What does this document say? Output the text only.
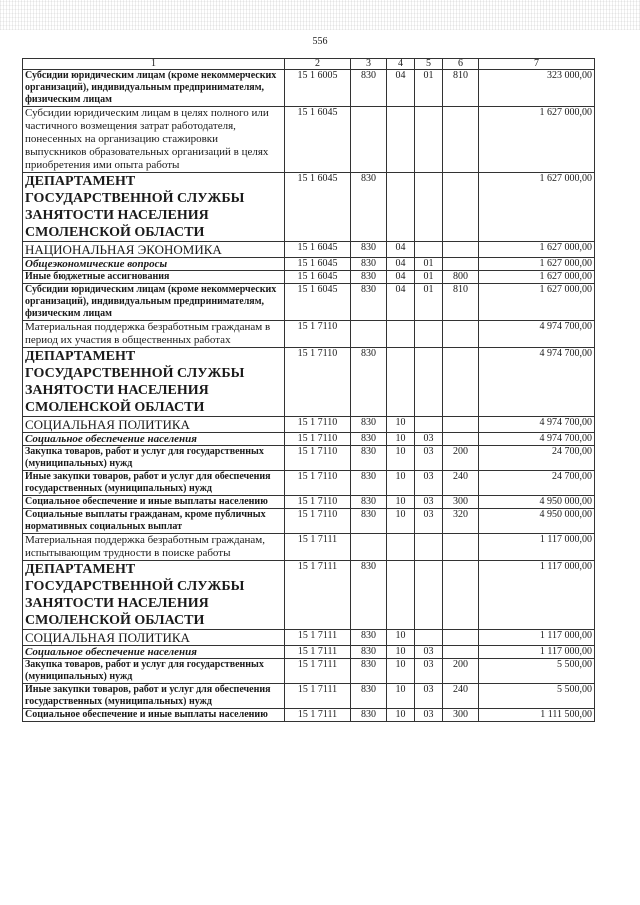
556
1	2	3	4	5	6	7
Субсидии юридическим лицам (кроме некоммерческих организаций), индивидуальным предпринимателям, физическим лицам	15 1 6005	830	04	01	810	323 000,00
Субсидии юридическим лицам в целях полного или частичного возмещения затрат работодателя, понесенных на организацию стажировки выпускников образовательных организаций в целях приобретения ими опыта работы	15 1 6045					1 627 000,00
ДЕПАРТАМЕНТ ГОСУДАРСТВЕННОЙ СЛУЖБЫ ЗАНЯТОСТИ НАСЕЛЕНИЯ СМОЛЕНСКОЙ ОБЛАСТИ	15 1 6045	830				1 627 000,00
НАЦИОНАЛЬНАЯ ЭКОНОМИКА	15 1 6045	830	04			1 627 000,00
Общеэкономические вопросы	15 1 6045	830	04	01		1 627 000,00
Иные бюджетные ассигнования	15 1 6045	830	04	01	800	1 627 000,00
Субсидии юридическим лицам (кроме некоммерческих организаций), индивидуальным предпринимателям, физическим лицам	15 1 6045	830	04	01	810	1 627 000,00
Материальная поддержка безработным гражданам в период их участия в общественных работах	15 1 7110					4 974 700,00
ДЕПАРТАМЕНТ ГОСУДАРСТВЕННОЙ СЛУЖБЫ ЗАНЯТОСТИ НАСЕЛЕНИЯ СМОЛЕНСКОЙ ОБЛАСТИ	15 1 7110	830				4 974 700,00
СОЦИАЛЬНАЯ ПОЛИТИКА	15 1 7110	830	10			4 974 700,00
Социальное обеспечение населения	15 1 7110	830	10	03		4 974 700,00
Закупка товаров, работ и услуг для государственных (муниципальных) нужд	15 1 7110	830	10	03	200	24 700,00
Иные закупки товаров, работ и услуг для обеспечения государственных (муниципальных) нужд	15 1 7110	830	10	03	240	24 700,00
Социальное обеспечение и иные выплаты населению	15 1 7110	830	10	03	300	4 950 000,00
Социальные выплаты гражданам, кроме публичных нормативных социальных выплат	15 1 7110	830	10	03	320	4 950 000,00
Материальная поддержка безработным гражданам, испытывающим трудности в поиске работы	15 1 7111					1 117 000,00
ДЕПАРТАМЕНТ ГОСУДАРСТВЕННОЙ СЛУЖБЫ ЗАНЯТОСТИ НАСЕЛЕНИЯ СМОЛЕНСКОЙ ОБЛАСТИ	15 1 7111	830				1 117 000,00
СОЦИАЛЬНАЯ ПОЛИТИКА	15 1 7111	830	10			1 117 000,00
Социальное обеспечение населения	15 1 7111	830	10	03		1 117 000,00
Закупка товаров, работ и услуг для государственных (муниципальных) нужд	15 1 7111	830	10	03	200	5 500,00
Иные закупки товаров, работ и услуг для обеспечения государственных (муниципальных) нужд	15 1 7111	830	10	03	240	5 500,00
Социальное обеспечение и иные выплаты населению	15 1 7111	830	10	03	300	1 111 500,00
